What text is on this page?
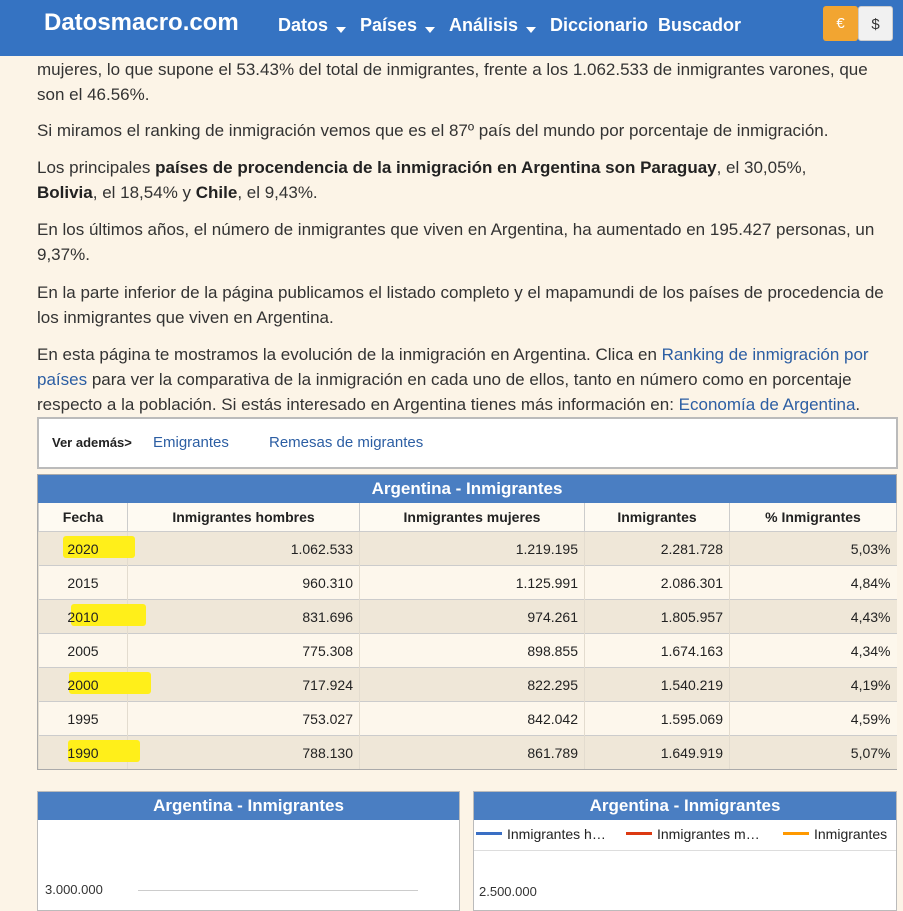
Datosmacro.com Datos	Países	Análisis	Diccionario Buscador	€	$
mujeres, lo que supone el 53.43% del total de inmigrantes, frente a los 1.062.533 de inmigrantes varones, que son el 46.56%.
Si miramos el ranking de inmigración vemos que es el 87º país del mundo por porcentaje de inmigración.
Los principales países de procendencia de la inmigración en Argentina son Paraguay, el 30,05%, Bolivia, el 18,54% y Chile, el 9,43%.
En los últimos años, el número de inmigrantes que viven en Argentina, ha aumentado en 195.427 personas, un 9,37%.
En la parte inferior de la página publicamos el listado completo y el mapamundi de los países de procedencia de los inmigrantes que viven en Argentina.
En esta página te mostramos la evolución de la inmigración en Argentina. Clica en Ranking de inmigración por países para ver la comparativa de la inmigración en cada uno de ellos, tanto en número como en porcentaje respecto a la población. Si estás interesado en Argentina tienes más información en: Economía de Argentina.
Ver además> Emigrantes	Remesas de migrantes
Argentina - Inmigrantes
Fecha	Inmigrantes hombres	Inmigrantes mujeres	Inmigrantes	% Inmigrantes

2020	1.062.533	1.219.195	2.281.728	5,03%
2015	960.310	1.125.991	2.086.301	4,84%

2010	831.696	974.261	1.805.957	4,43%
2005	775.308	898.855	1.674.163	4,34%

2000	717.924	822.295	1.540.219	4,19%
1995	753.027	842.042	1.595.069	4,59%

1990	788.130	861.789	1.649.919	5,07%
Argentina - Inmigrantes
3.000.000
Argentina - Inmigrantes
Inmigrantes h…	Inmigrantes m…	Inmigrantes
2.500.000
